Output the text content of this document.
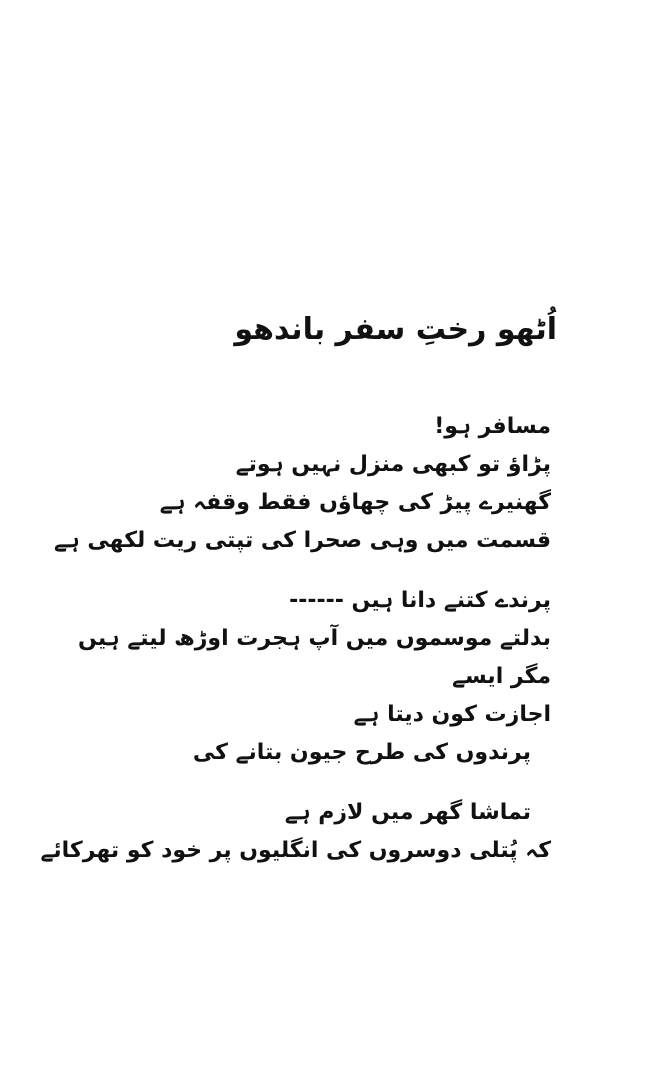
اُٹھو رختِ سفر باندھو
مسافر ہو!
پڑاؤ تو کبھی منزل نہیں ہوتے
گھنیرے پیڑ کی چھاؤں فقط وقفہ ہے
قسمت میں وہی صحرا کی تپتی ریت لکھی ہے
پرندے کتنے دانا ہیں ------
بدلتے موسموں میں آپ ہجرت اوڑھ لیتے ہیں
مگر ایسے
اجازت کون دیتا ہے
پرندوں کی طرح جیون بتانے کی
تماشا گھر میں لازم ہے
کہ پُتلی دوسروں کی انگلیوں پر خود کو تھرکائے
